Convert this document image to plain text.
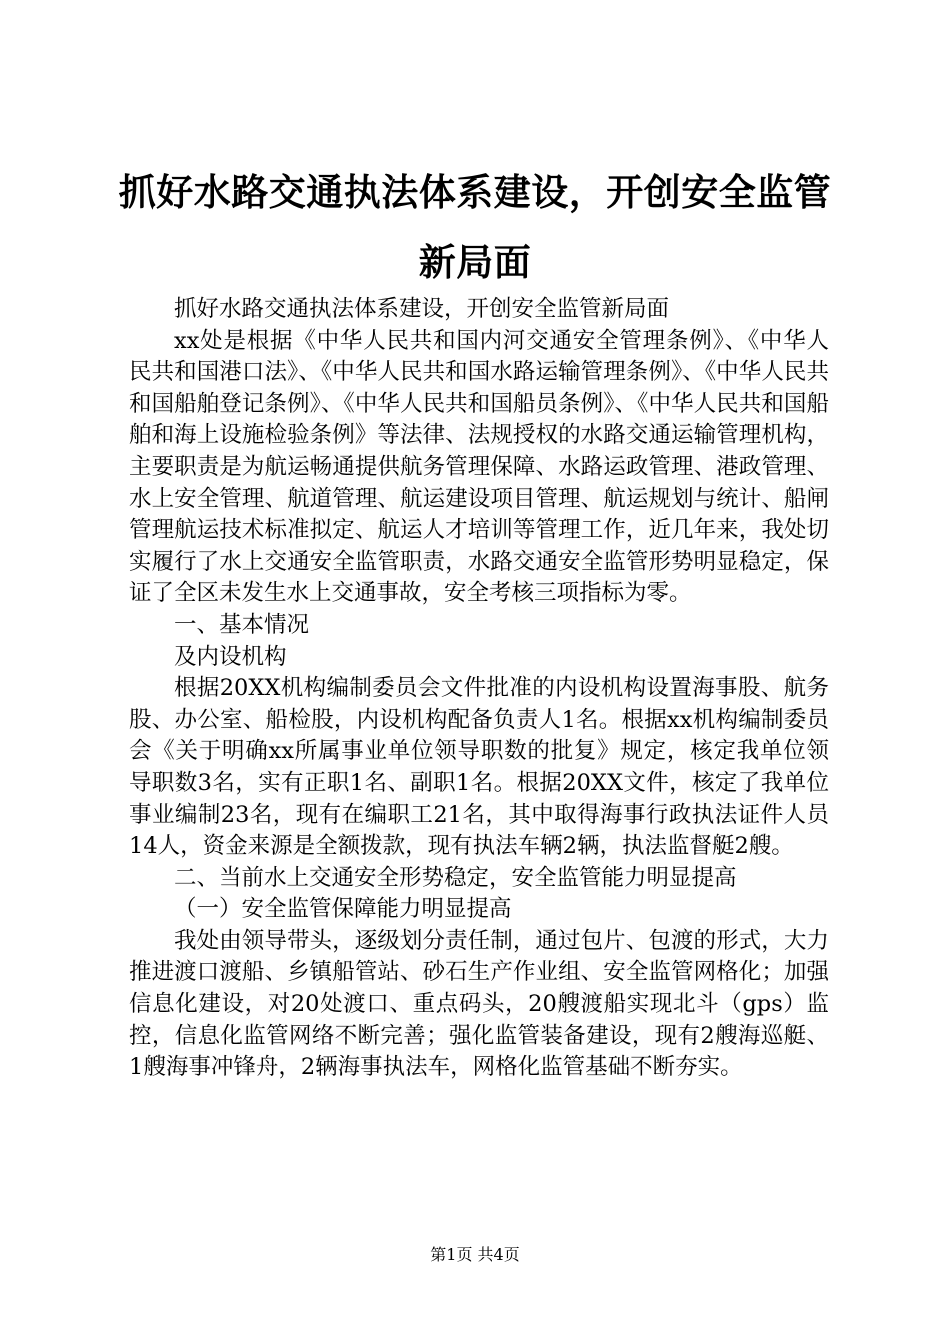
抓好水路交通执法体系建设，开创安全监管新局面

抓好水路交通执法体系建设，开创安全监管新局面

xx处是根据《中华人民共和国内河交通安全管理条例》、《中华人民共和国港口法》、《中华人民共和国水路运输管理条例》、《中华人民共和国船舶登记条例》、《中华人民共和国船员条例》、《中华人民共和国船舶和海上设施检验条例》等法律、法规授权的水路交通运输管理机构，主要职责是为航运畅通提供航务管理保障、水路运政管理、港政管理、水上安全管理、航道管理、航运建设项目管理、航运规划与统计、船闸管理航运技术标准拟定、航运人才培训等管理工作，近几年来，我处切实履行了水上交通安全监管职责，水路交通安全监管形势明显稳定，保证了全区未发生水上交通事故，安全考核三项指标为零。

一、基本情况

及内设机构

根据20XX机构编制委员会文件批准的内设机构设置海事股、航务股、办公室、船检股，内设机构配备负责人1名。根据xx机构编制委员会《关于明确xx所属事业单位领导职数的批复》规定，核定我单位领导职数3名，实有正职1名、副职1名。根据20XX文件，核定了我单位事业编制23名，现有在编职工21名，其中取得海事行政执法证件人员14人，资金来源是全额拨款，现有执法车辆2辆，执法监督艇2艘。

二、当前水上交通安全形势稳定，安全监管能力明显提高

（一）安全监管保障能力明显提高

我处由领导带头，逐级划分责任制，通过包片、包渡的形式，大力推进渡口渡船、乡镇船管站、砂石生产作业组、安全监管网格化；加强信息化建设，对20处渡口、重点码头，20艘渡船实现北斗（gps）监控，信息化监管网络不断完善；强化监管装备建设，现有2艘海巡艇、1艘海事冲锋舟，2辆海事执法车，网格化监管基础不断夯实。

第1页 共4页
